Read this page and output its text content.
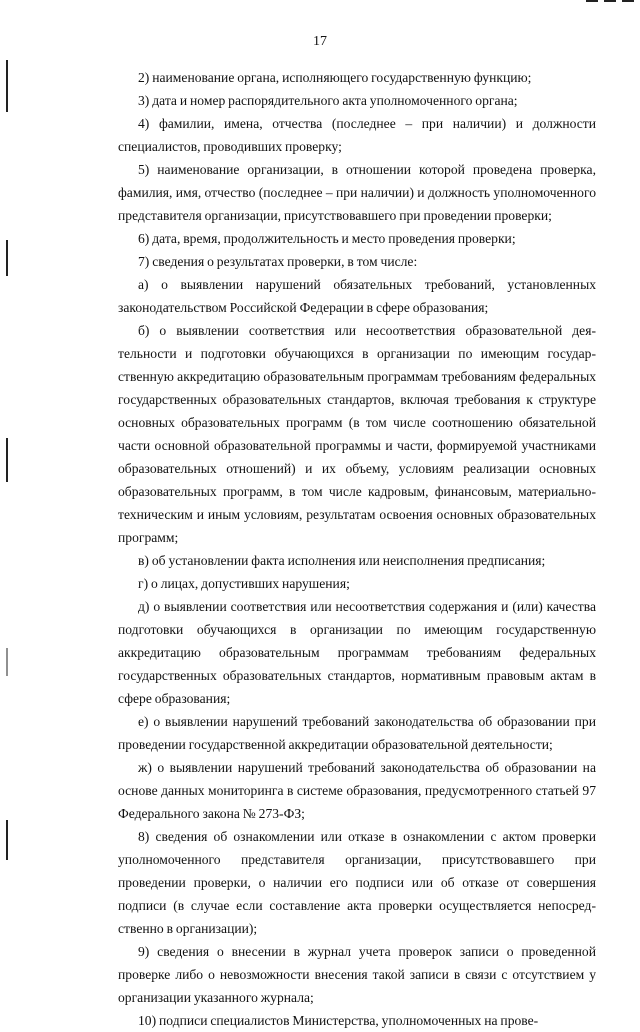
17

2) наименование органа, исполняющего государственную функцию;

3) дата и номер распорядительного акта уполномоченного органа;

4) фамилии, имена, отчества (последнее – при наличии) и должности специалистов, проводивших проверку;

5) наименование организации, в отношении которой проведена проверка, фамилия, имя, отчество (последнее – при наличии) и должность уполномоченного представителя организации, присутствовавшего при проведении проверки;

6) дата, время, продолжительность и место проведения проверки;

7) сведения о результатах проверки, в том числе:

а) о выявлении нарушений обязательных требований, установленных законодательством Российской Федерации в сфере образования;

б) о выявлении соответствия или несоответствия образовательной деятельности и подготовки обучающихся в организации по имеющим государственную аккредитацию образовательным программам требованиям федеральных государственных образовательных стандартов, включая требования к структуре основных образовательных программ (в том числе соотношению обязательной части основной образовательной программы и части, формируемой участниками образовательных отношений) и их объему, условиям реализации основных образовательных программ, в том числе кадровым, финансовым, материально-техническим и иным условиям, результатам освоения основных образовательных программ;

в) об установлении факта исполнения или неисполнения предписания;

г) о лицах, допустивших нарушения;

д) о выявлении соответствия или несоответствия содержания и (или) качества подготовки обучающихся в организации по имеющим государственную аккредитацию образовательным программам требованиям федеральных государственных образовательных стандартов, нормативным правовым актам в сфере образования;

е) о выявлении нарушений требований законодательства об образовании при проведении государственной аккредитации образовательной деятельности;

ж) о выявлении нарушений требований законодательства об образовании на основе данных мониторинга в системе образования, предусмотренного статьей 97 Федерального закона № 273-ФЗ;

8) сведения об ознакомлении или отказе в ознакомлении с актом проверки уполномоченного представителя организации, присутствовавшего при проведении проверки, о наличии его подписи или об отказе от совершения подписи (в случае если составление акта проверки осуществляется непосредственно в организации);

9) сведения о внесении в журнал учета проверок записи о проведенной проверке либо о невозможности внесения такой записи в связи с отсутствием у организации указанного журнала;

10) подписи специалистов Министерства, уполномоченных на прове-
